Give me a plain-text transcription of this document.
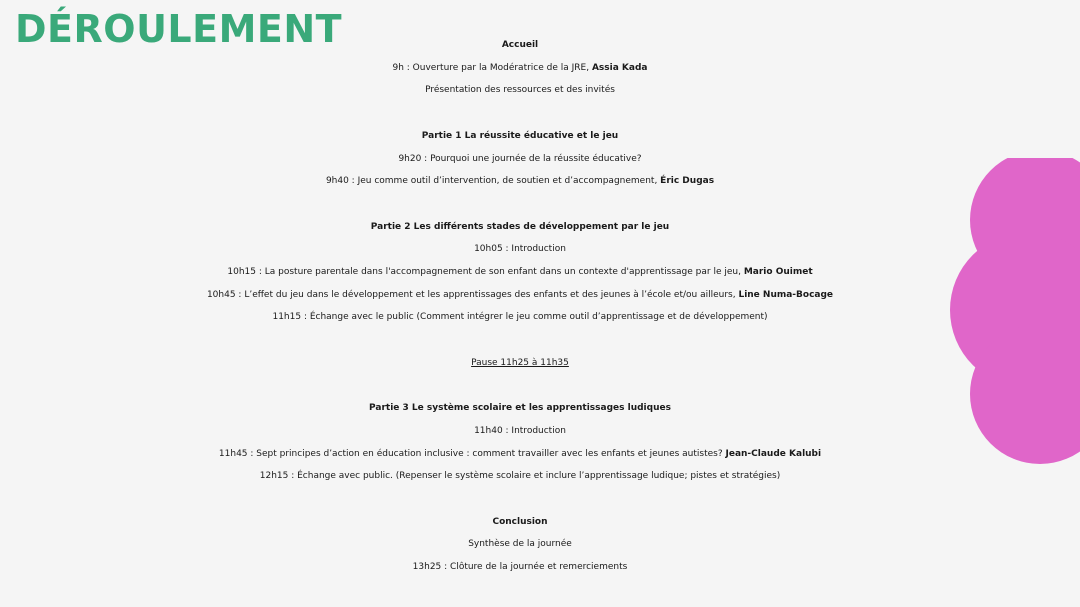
DÉROULEMENT	Accueil
9h : Ouverture par la Modératrice de la JRE, Assia Kada
Présentation des ressources et des invités
Partie 1 La réussite éducative et le jeu
9h20 : Pourquoi une journée de la réussite éducative?
9h40 : Jeu comme outil d’intervention, de soutien et d’accompagnement, Éric Dugas
Partie 2 Les différents stades de développement par le jeu
10h05 : Introduction
10h15 : La posture parentale dans l'accompagnement de son enfant dans un contexte d'apprentissage par le jeu, Mario Ouimet
10h45 : L’effet du jeu dans le développement et les apprentissages des enfants et des jeunes à l’école et/ou ailleurs, Line Numa-Bocage
11h15 : Échange avec le public (Comment intégrer le jeu comme outil d’apprentissage et de développement)
Pause 11h25 à 11h35
Partie 3 Le système scolaire et les apprentissages ludiques
11h40 : Introduction
11h45 : Sept principes d’action en éducation inclusive : comment travailler avec les enfants et jeunes autistes? Jean-Claude Kalubi
12h15 : Échange avec public. (Repenser le système scolaire et inclure l’apprentissage ludique; pistes et stratégies)
Conclusion
Synthèse de la journée
13h25 : Clôture de la journée et remerciements
